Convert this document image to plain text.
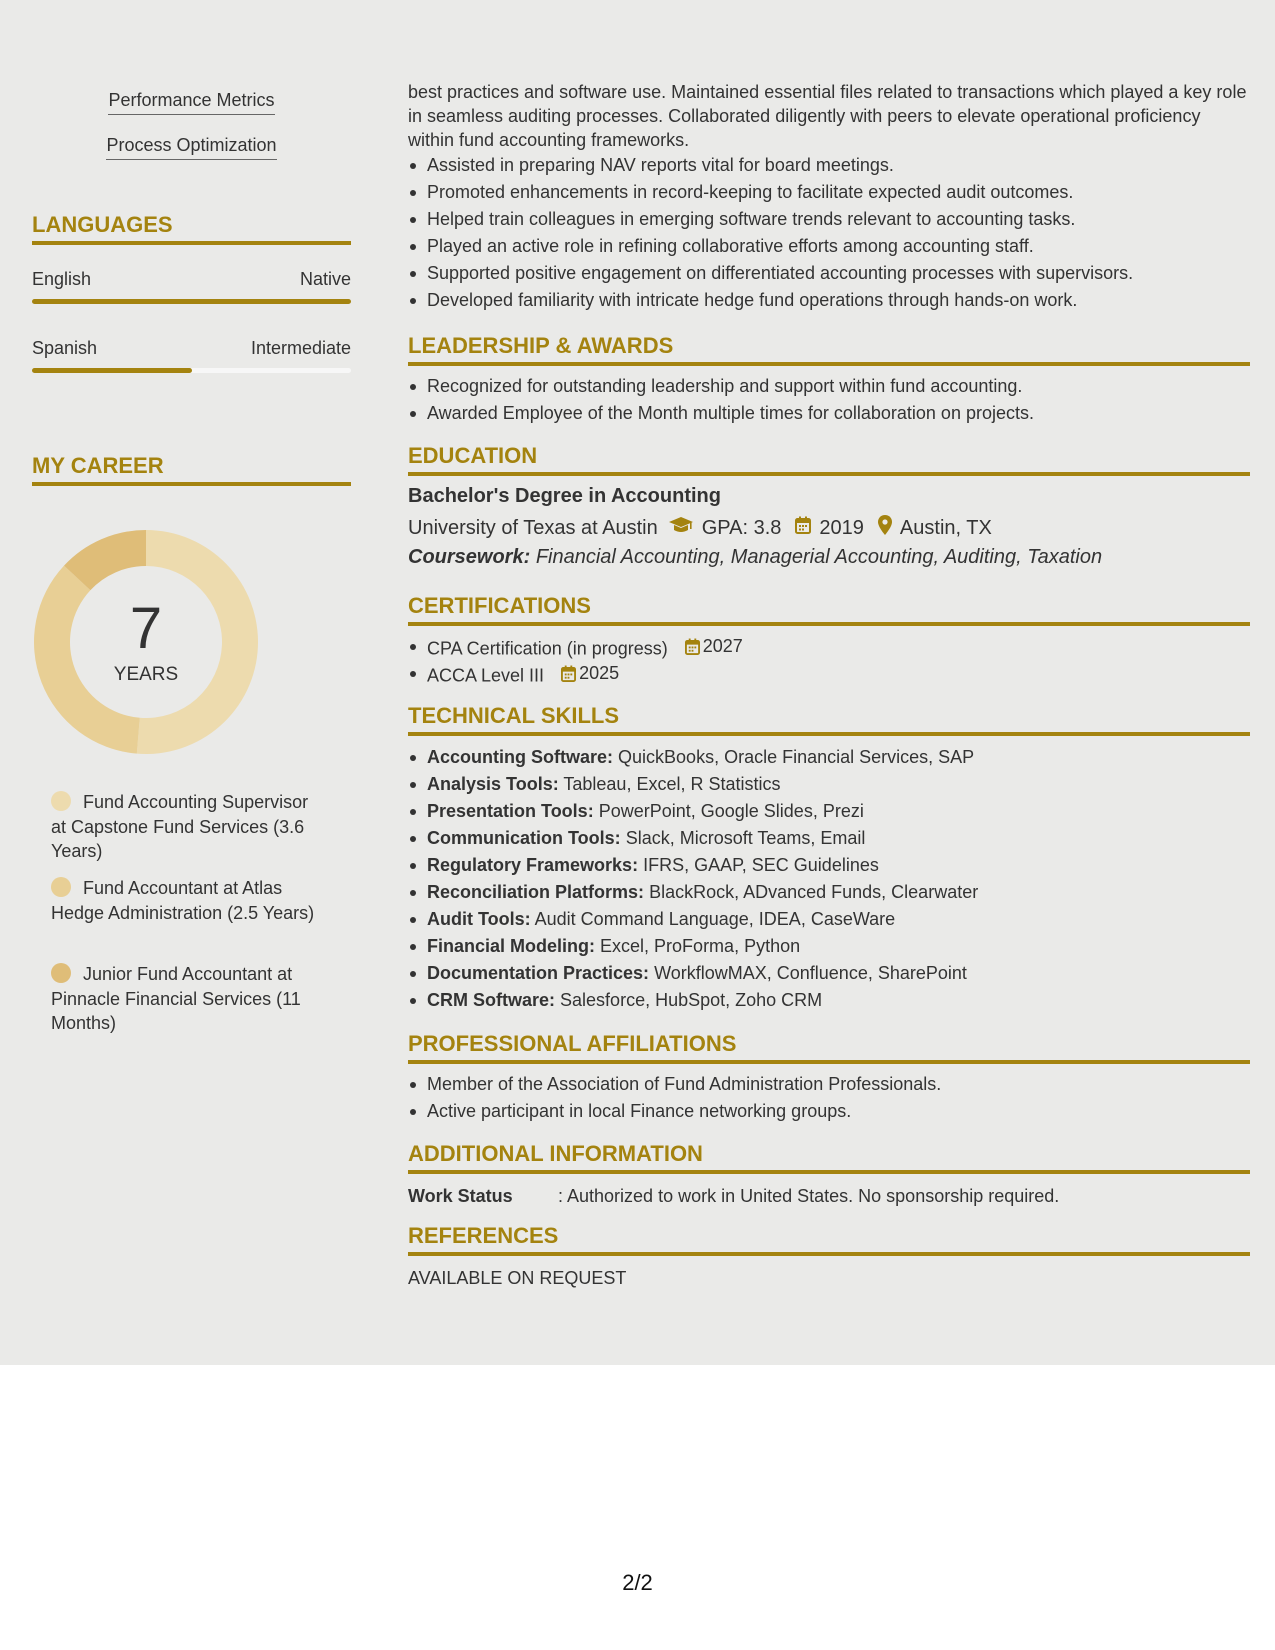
Performance Metrics
Process Optimization
LANGUAGES
English	Native
Spanish	Intermediate
MY CAREER
7
YEARS
Fund Accounting Supervisor at Capstone Fund Services (3.6 Years)
Fund Accountant at Atlas Hedge Administration (2.5 Years)
Junior Fund Accountant at Pinnacle Financial Services (11 Months)
best practices and software use. Maintained essential files related to transactions which played a key role in seamless auditing processes. Collaborated diligently with peers to elevate operational proficiency within fund accounting frameworks.
Assisted in preparing NAV reports vital for board meetings.
Promoted enhancements in record-keeping to facilitate expected audit outcomes.
Helped train colleagues in emerging software trends relevant to accounting tasks.
Played an active role in refining collaborative efforts among accounting staff.
Supported positive engagement on differentiated accounting processes with supervisors.
Developed familiarity with intricate hedge fund operations through hands-on work.
LEADERSHIP & AWARDS
Recognized for outstanding leadership and support within fund accounting.
Awarded Employee of the Month multiple times for collaboration on projects.
EDUCATION
Bachelor's Degree in Accounting
University of Texas at Austin GPA: 3.8 2019 Austin, TX
Coursework: Financial Accounting, Managerial Accounting, Auditing, Taxation
CERTIFICATIONS
CPA Certification (in progress) 2027
ACCA Level III 2025
TECHNICAL SKILLS
Accounting Software: QuickBooks, Oracle Financial Services, SAP
Analysis Tools: Tableau, Excel, R Statistics
Presentation Tools: PowerPoint, Google Slides, Prezi
Communication Tools: Slack, Microsoft Teams, Email
Regulatory Frameworks: IFRS, GAAP, SEC Guidelines
Reconciliation Platforms: BlackRock, ADvanced Funds, Clearwater
Audit Tools: Audit Command Language, IDEA, CaseWare
Financial Modeling: Excel, ProForma, Python
Documentation Practices: WorkflowMAX, Confluence, SharePoint
CRM Software: Salesforce, HubSpot, Zoho CRM
PROFESSIONAL AFFILIATIONS
Member of the Association of Fund Administration Professionals.
Active participant in local Finance networking groups.
ADDITIONAL INFORMATION
Work Status	: Authorized to work in United States. No sponsorship required.
REFERENCES
AVAILABLE ON REQUEST
2/2
